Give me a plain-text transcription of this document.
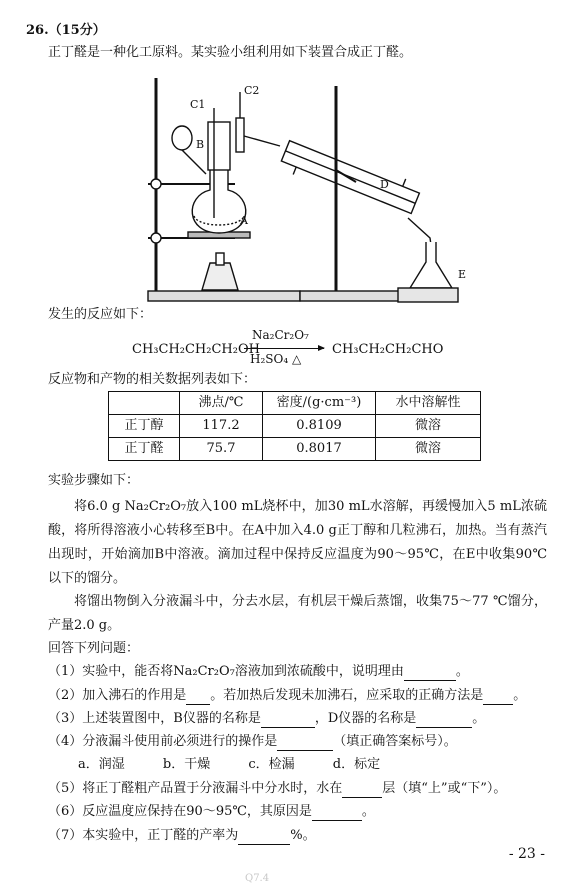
26.（15分）
正丁醛是一种化工原料。某实验小组利用如下装置合成正丁醛。
C1
C2
B
A
D
E
发生的反应如下：
CH₃CH₂CH₂CH₂OH
Na₂Cr₂O₇
H₂SO₄ △
CH₃CH₂CH₂CHO
反应物和产物的相关数据列表如下：
	沸点/℃	密度/(g·cm⁻³)	水中溶解性
正丁醇	117.2	0.8109	微溶
正丁醛	75.7	0.8017	微溶
实验步骤如下：
将6.0 g Na₂Cr₂O₇放入100 mL烧杯中，加30 mL水溶解，再缓慢加入5 mL浓硫酸，将所得溶液小心转移至B中。在A中加入4.0 g正丁醇和几粒沸石，加热。当有蒸汽出现时，开始滴加B中溶液。滴加过程中保持反应温度为90～95℃，在E中收集90℃以下的馏分。
将馏出物倒入分液漏斗中，分去水层，有机层干燥后蒸馏，收集75～77 ℃馏分，产量2.0 g。
回答下列问题：
（1）实验中，能否将Na₂Cr₂O₇溶液加到浓硫酸中，说明理由	。
（2）加入沸石的作用是 。若加热后发现未加沸石，应采取的正确方法是 。
（3）上述装置图中，B仪器的名称是	，D仪器的名称是	。
（4）分液漏斗使用前必须进行的操作是	（填正确答案标号）。
a．润湿	b．干燥	c．检漏	d．标定
（5）将正丁醛粗产品置于分液漏斗中分水时，水在	层（填“上”或“下”）。
（6）反应温度应保持在90～95℃，其原因是	。
（7）本实验中，正丁醛的产率为	%。
- 23 -
Q7.4
